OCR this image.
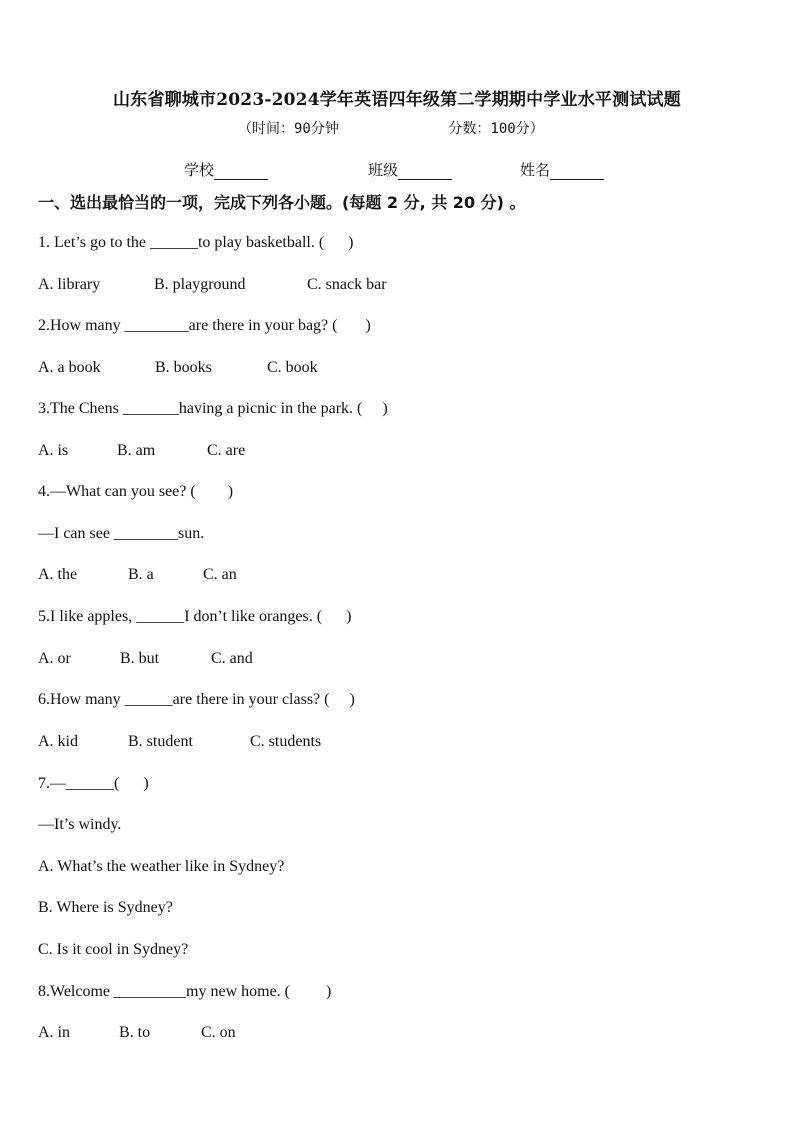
山东省聊城市2023-2024学年英语四年级第二学期期中学业水平测试试题
（时间：90分钟             分数：100分）
学校	班级	姓名
一、选出最恰当的一项，完成下列各小题。(每题 2 分, 共 20 分) 。
1. Let’s go to the ______to play basketball. (      )
A. library	B. playground	C. snack bar
2.How many ________are there in your bag? (       )
A. a book	B. books	C. book
3.The Chens _______having a picnic in the park. (     )
A. is	B. am	C. are
4.—What can you see? (        )
—I can see ________sun.
A. the	B. a	C. an
5.I like apples, ______I don’t like oranges. (      )
A. or	B. but	C. and
6.How many ______are there in your class? (     )
A. kid	B. student	C. students
7.—______(      )
—It’s windy.
A. What’s the weather like in Sydney?
B. Where is Sydney?
C. Is it cool in Sydney?
8.Welcome _________my new home. (         )
A. in	B. to	C. on
